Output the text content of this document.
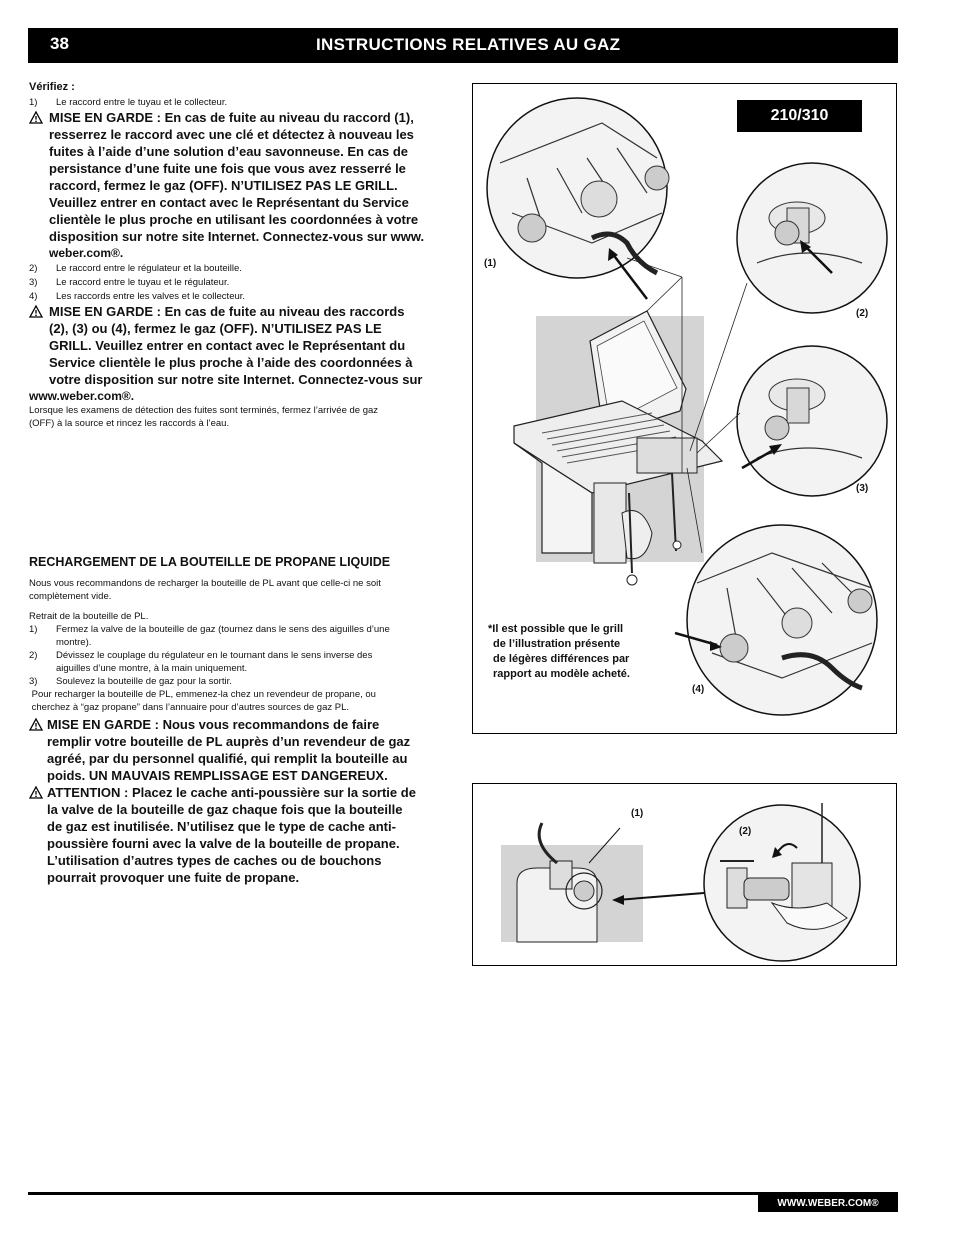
38	INSTRUCTIONS RELATIVES AU GAZ
Vérifiez :
1) Le raccord entre le tuyau et le collecteur.
MISE EN GARDE : En cas de fuite au niveau du raccord (1),
resserrez le raccord avec une clé et détectez à nouveau les
fuites à l’aide d’une solution d’eau savonneuse. En cas de
persistance d’une fuite une fois que vous avez resserré le
raccord, fermez le gaz (OFF). N’UTILISEZ PAS LE GRILL.
Veuillez entrer en contact avec le Représentant du Service
clientèle le plus proche en utilisant les coordonnées à votre
disposition sur notre site Internet. Connectez-vous sur www.
weber.com®.
2) Le raccord entre le régulateur et la bouteille.
3) Le raccord entre le tuyau et le régulateur.
4) Les raccords entre les valves et le collecteur.
MISE EN GARDE : En cas de fuite au niveau des raccords
(2), (3) ou (4), fermez le gaz (OFF). N’UTILISEZ PAS LE
GRILL. Veuillez entrer en contact avec le Représentant du
Service clientèle le plus proche à l’aide des coordonnées à
votre disposition sur notre site Internet. Connectez-vous sur
www.weber.com®.
Lorsque les examens de détection des fuites sont terminés, fermez l’arrivée de gaz
(OFF) à la source et rincez les raccords à l’eau.
RECHARGEMENT DE LA BOUTEILLE DE PROPANE LIQUIDE
Nous vous recommandons de recharger la bouteille de PL avant que celle-ci ne soit
complètement vide.
Retrait de la bouteille de PL.
1) Fermez la valve de la bouteille de gaz (tournez dans le sens des aiguilles d’une
montre).
2) Dévissez le couplage du régulateur en le tournant dans le sens inverse des
aiguilles d’une montre, à la main uniquement.
3) Soulevez la bouteille de gaz pour la sortir.
Pour recharger la bouteille de PL, emmenez-la chez un revendeur de propane, ou
cherchez à “gaz propane” dans l’annuaire pour d’autres sources de gaz PL.
MISE EN GARDE : Nous vous recommandons de faire
remplir votre bouteille de PL auprès d’un revendeur de gaz
agréé, par du personnel qualifié, qui remplit la bouteille au
poids. UN MAUVAIS REMPLISSAGE EST DANGEREUX.
ATTENTION : Placez le cache anti-poussière sur la sortie de
la valve de la bouteille de gaz chaque fois que la bouteille
de gaz est inutilisée. N’utilisez que le type de cache anti-
poussière fourni avec la valve de la bouteille de propane.
L’utilisation d’autres types de caches ou de bouchons
pourrait provoquer une fuite de propane.
210/310
(1)
(2)
(3)
(4)
*Il est possible que le grill
de l’illustration présente
de légères différences par
rapport au modèle acheté.
(1)
(2)
WWW.WEBER.COM®
